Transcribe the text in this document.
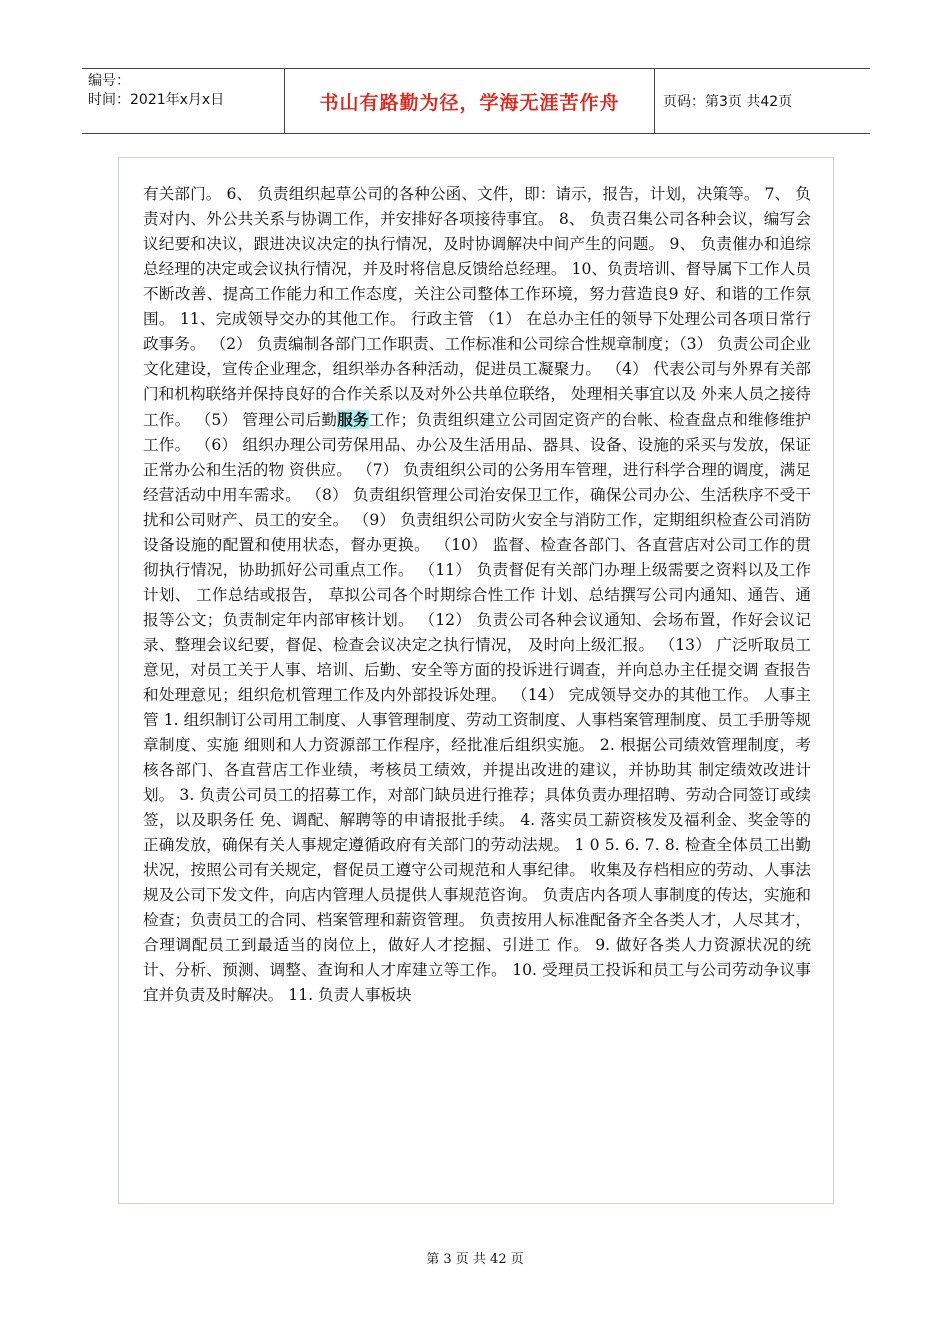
编号：
时间：2021年x月x日	书山有路勤为径，学海无涯苦作舟	页码：第3页 共42页

有关部门。 6、 负责组织起草公司的各种公函、文件，即：请示，报告，计划，决策等。 7、 负责对内、外公共关系与协调工作，并安排好各项接待事宜。 8、 负责召集公司各种会议，编写会议纪要和决议，跟进决议决定的执行情况，及时协调解决中间产生的问题。 9、 负责催办和追综总经理的决定或会议执行情况，并及时将信息反馈给总经理。 10、负责培训、督导属下工作人员不断改善、提高工作能力和工作态度，关注公司整体工作环境，努力营造良9 好、和谐的工作氛围。 11、完成领导交办的其他工作。 行政主管 （1） 在总办主任的领导下处理公司各项日常行政事务。 （2） 负责编制各部门工作职责、工作标准和公司综合性规章制度；（3） 负责公司企业文化建设，宣传企业理念，组织举办各种活动，促进员工凝聚力。 （4） 代表公司与外界有关部门和机构联络并保持良好的合作关系以及对外公共单位联络， 处理相关事宜以及 外来人员之接待工作。 （5） 管理公司后勤服务工作；负责组织建立公司固定资产的台帐、检查盘点和维修维护工作。 （6） 组织办理公司劳保用品、办公及生活用品、器具、设备、设施的采买与发放，保证正常办公和生活的物 资供应。 （7） 负责组织公司的公务用车管理，进行科学合理的调度，满足经营活动中用车需求。 （8） 负责组织管理公司治安保卫工作，确保公司办公、生活秩序不受干扰和公司财产、员工的安全。 （9） 负责组织公司防火安全与消防工作，定期组织检查公司消防设备设施的配置和使用状态，督办更换。 （10） 监督、检查各部门、各直营店对公司工作的贯彻执行情况，协助抓好公司重点工作。 （11） 负责督促有关部门办理上级需要之资料以及工作计划、 工作总结或报告， 草拟公司各个时期综合性工作 计划、总结撰写公司内通知、通告、通报等公文；负责制定年内部审核计划。 （12） 负责公司各种会议通知、会场布置，作好会议记录、整理会议纪要，督促、检查会议决定之执行情况， 及时向上级汇报。 （13） 广泛听取员工意见，对员工关于人事、培训、后勤、安全等方面的投诉进行调查，并向总办主任提交调 查报告和处理意见；组织危机管理工作及内外部投诉处理。 （14） 完成领导交办的其他工作。 人事主管 1. 组织制订公司用工制度、人事管理制度、劳动工资制度、人事档案管理制度、员工手册等规章制度、实施 细则和人力资源部工作程序，经批准后组织实施。 2. 根据公司绩效管理制度，考核各部门、各直营店工作业绩，考核员工绩效，并提出改进的建议，并协助其 制定绩效改进计划。 3. 负责公司员工的招募工作，对部门缺员进行推荐；具体负责办理招聘、劳动合同签订或续签，以及职务任 免、调配、解聘等的申请报批手续。 4. 落实员工薪资核发及福利金、奖金等的正确发放，确保有关人事规定遵循政府有关部门的劳动法规。 1 0 5. 6. 7. 8. 检查全体员工出勤状况，按照公司有关规定，督促员工遵守公司规范和人事纪律。 收集及存档相应的劳动、人事法规及公司下发文件，向店内管理人员提供人事规范咨询。 负责店内各项人事制度的传达，实施和检查；负责员工的合同、档案管理和薪资管理。 负责按用人标准配备齐全各类人才，人尽其才，合理调配员工到最适当的岗位上，做好人才挖掘、引进工 作。 9. 做好各类人力资源状况的统计、分析、预测、调整、查询和人才库建立等工作。 10. 受理员工投诉和员工与公司劳动争议事宜并负责及时解决。 11. 负责人事板块

第 3 页 共 42 页
